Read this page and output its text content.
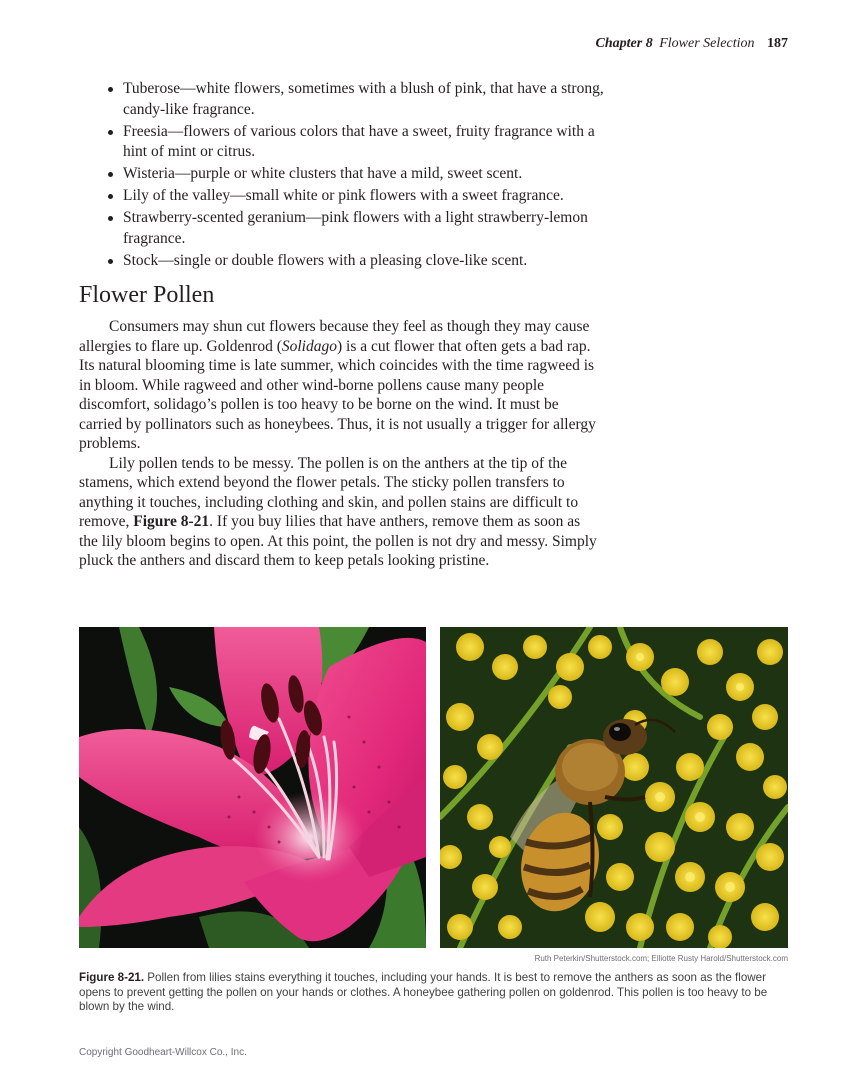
Chapter 8 Flower Selection 187
Tuberose—white flowers, sometimes with a blush of pink, that have a strong, candy-like fragrance.
Freesia—flowers of various colors that have a sweet, fruity fragrance with a hint of mint or citrus.
Wisteria—purple or white clusters that have a mild, sweet scent.
Lily of the valley—small white or pink flowers with a sweet fragrance.
Strawberry-scented geranium—pink flowers with a light strawberry-lemon fragrance.
Stock—single or double flowers with a pleasing clove-like scent.
Flower Pollen

Consumers may shun cut flowers because they feel as though they may cause allergies to flare up. Goldenrod (Solidago) is a cut flower that often gets a bad rap. Its natural blooming time is late summer, which coincides with the time ragweed is in bloom. While ragweed and other wind-borne pollens cause many people discomfort, solidago’s pollen is too heavy to be borne on the wind. It must be carried by pollinators such as honeybees. Thus, it is not usually a trigger for allergy problems.

Lily pollen tends to be messy. The pollen is on the anthers at the tip of the stamens, which extend beyond the flower petals. The sticky pollen transfers to anything it touches, including clothing and skin, and pollen stains are difficult to remove, Figure 8-21. If you buy lilies that have anthers, remove them as soon as the lily bloom begins to open. At this point, the pollen is not dry and messy. Simply pluck the anthers and discard them to keep petals looking pristine.

Ruth Peterkin/Shutterstock.com; Elliotte Rusty Harold/Shutterstock.com
Figure 8-21. Pollen from lilies stains everything it touches, including your hands. It is best to remove the anthers as soon as the flower opens to prevent getting the pollen on your hands or clothes. A honeybee gathering pollen on goldenrod. This pollen is too heavy to be blown by the wind.
Copyright Goodheart-Willcox Co., Inc.
